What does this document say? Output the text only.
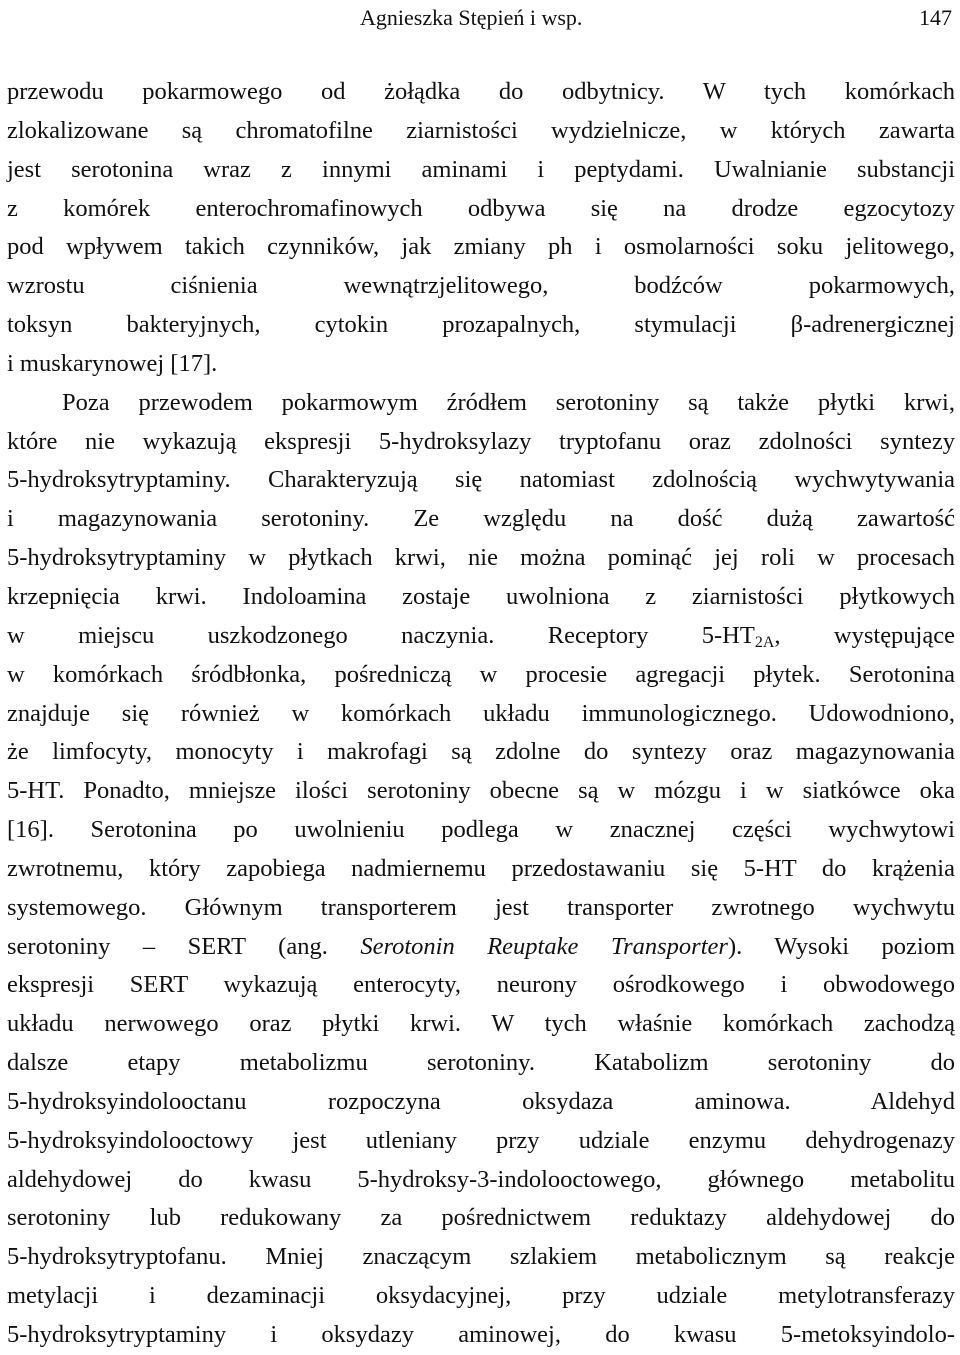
Agnieszka Stępień i wsp.	147
przewodu pokarmowego od żołądka do odbytnicy. W tych komórkach
zlokalizowane są chromatofilne ziarnistości wydzielnicze, w których zawarta
jest serotonina wraz z innymi aminami i peptydami. Uwalnianie substancji
z komórek enterochromafinowych odbywa się na drodze egzocytozy
pod wpływem takich czynników, jak zmiany ph i osmolarności soku jelitowego,
wzrostu ciśnienia wewnątrzjelitowego, bodźców pokarmowych,
toksyn bakteryjnych, cytokin prozapalnych, stymulacji β-adrenergicznej
i muskarynowej [17].
Poza przewodem pokarmowym źródłem serotoniny są także płytki krwi,
które nie wykazują ekspresji 5-hydroksylazy tryptofanu oraz zdolności syntezy
5-hydroksytryptaminy. Charakteryzują się natomiast zdolnością wychwytywania
i magazynowania serotoniny. Ze względu na dość dużą zawartość
5-hydroksytryptaminy w płytkach krwi, nie można pominąć jej roli w procesach
krzepnięcia krwi. Indoloamina zostaje uwolniona z ziarnistości płytkowych
w miejscu uszkodzonego naczynia. Receptory $5-HT_{2A}$, występujące
w komórkach śródbłonka, pośredniczą w procesie agregacji płytek. Serotonina
znajduje się również w komórkach układu immunologicznego. Udowodniono,
że limfocyty, monocyty i makrofagi są zdolne do syntezy oraz magazynowania
5-HT. Ponadto, mniejsze ilości serotoniny obecne są w mózgu i w siatkówce oka
[16]. Serotonina po uwolnieniu podlega w znacznej części wychwytowi
zwrotnemu, który zapobiega nadmiernemu przedostawaniu się 5-HT do krążenia
systemowego. Głównym transporterem jest transporter zwrotnego wychwytu
serotoniny – SERT (ang. Serotonin Reuptake Transporter). Wysoki poziom
ekspresji SERT wykazują enterocyty, neurony ośrodkowego i obwodowego
układu nerwowego oraz płytki krwi. W tych właśnie komórkach zachodzą
dalsze etapy metabolizmu serotoniny. Katabolizm serotoniny do
5-hydroksyindolooctanu rozpoczyna oksydaza aminowa. Aldehyd
5-hydroksyindolooctowy jest utleniany przy udziale enzymu dehydrogenazy
aldehydowej do kwasu 5-hydroksy-3-indolooctowego, głównego metabolitu
serotoniny lub redukowany za pośrednictwem reduktazy aldehydowej do
5-hydroksytryptofanu. Mniej znaczącym szlakiem metabolicznym są reakcje
metylacji i dezaminacji oksydacyjnej, przy udziale metylotransferazy
5-hydroksytryptaminy i oksydazy aminowej, do kwasu 5-metoksyindolo-
